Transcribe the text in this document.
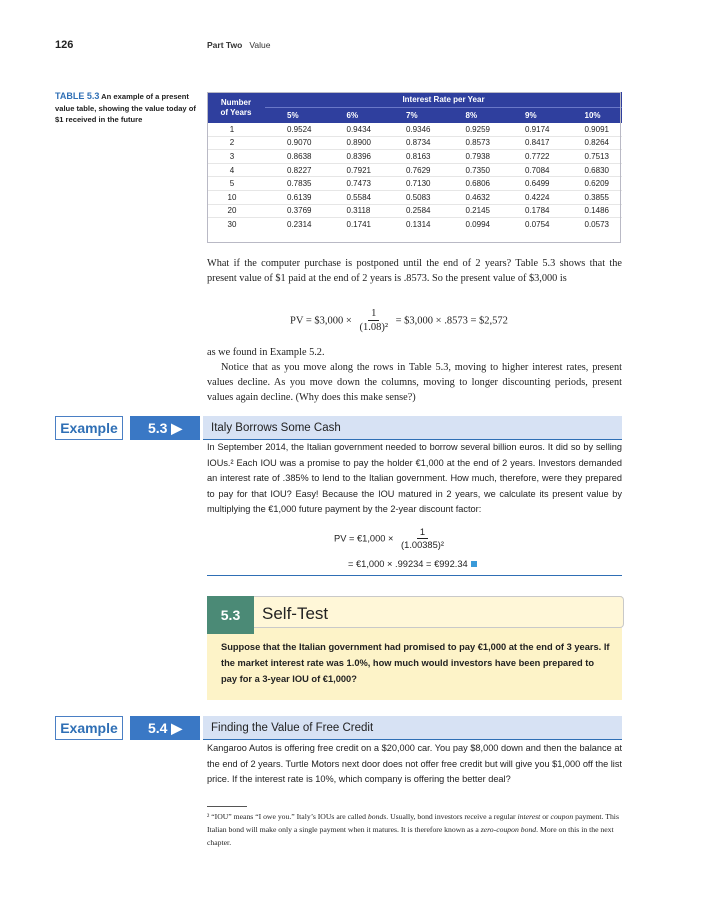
126	Part Two Value
TABLE 5.3 An example of a present value table, showing the value today of $1 received in the future
Number
of Years	Interest Rate per Year					
	5%	6%	7%	8%	9%	10%
1	0.9524	0.9434	0.9346	0.9259	0.9174	0.9091
2	0.9070	0.8900	0.8734	0.8573	0.8417	0.8264
3	0.8638	0.8396	0.8163	0.7938	0.7722	0.7513
4	0.8227	0.7921	0.7629	0.7350	0.7084	0.6830
5	0.7835	0.7473	0.7130	0.6806	0.6499	0.6209
10	0.6139	0.5584	0.5083	0.4632	0.4224	0.3855
20	0.3769	0.3118	0.2584	0.2145	0.1784	0.1486
30	0.2314	0.1741	0.1314	0.0994	0.0754	0.0573
What if the computer purchase is postponed until the end of 2 years? Table 5.3 shows that the present value of $1 paid at the end of 2 years is .8573. So the present value of $3,000 is
PV = $3,000 × $\frac{1}{\text{(1.08)²}}$ = $3,000 × .8573 = $2,572
as we found in Example 5.2.
Notice that as you move along the rows in Table 5.3, moving to higher interest rates, present values decline. As you move down the columns, moving to longer discounting periods, present values again decline. (Why does this make sense?)
Example	5.3 ▶	Italy Borrows Some Cash
In September 2014, the Italian government needed to borrow several billion euros. It did so by selling IOUs.² Each IOU was a promise to pay the holder €1,000 at the end of 2 years. Investors demanded an interest rate of .385% to lend to the Italian government. How much, therefore, were they prepared to pay for that IOU? Easy! Because the IOU matured in 2 years, we calculate its present value by multiplying the €1,000 future payment by the 2-year discount factor:
PV = €1,000 × $\frac{1}{\text{(1.00385)²}}$
= €1,000 × .99234 = €992.34
5.3	Self-Test
Suppose that the Italian government had promised to pay €1,000 at the end of 3 years. If the market interest rate was 1.0%, how much would investors have been prepared to pay for a 3-year IOU of €1,000?
Example	5.4 ▶	Finding the Value of Free Credit
Kangaroo Autos is offering free credit on a $20,000 car. You pay $8,000 down and then the balance at the end of 2 years. Turtle Motors next door does not offer free credit but will give you $1,000 off the list price. If the interest rate is 10%, which company is offering the better deal?
² “IOU” means “I owe you.” Italy’s IOUs are called bonds. Usually, bond investors receive a regular interest or coupon payment. This Italian bond will make only a single payment when it matures. It is therefore known as a zero-coupon bond. More on this in the next chapter.
